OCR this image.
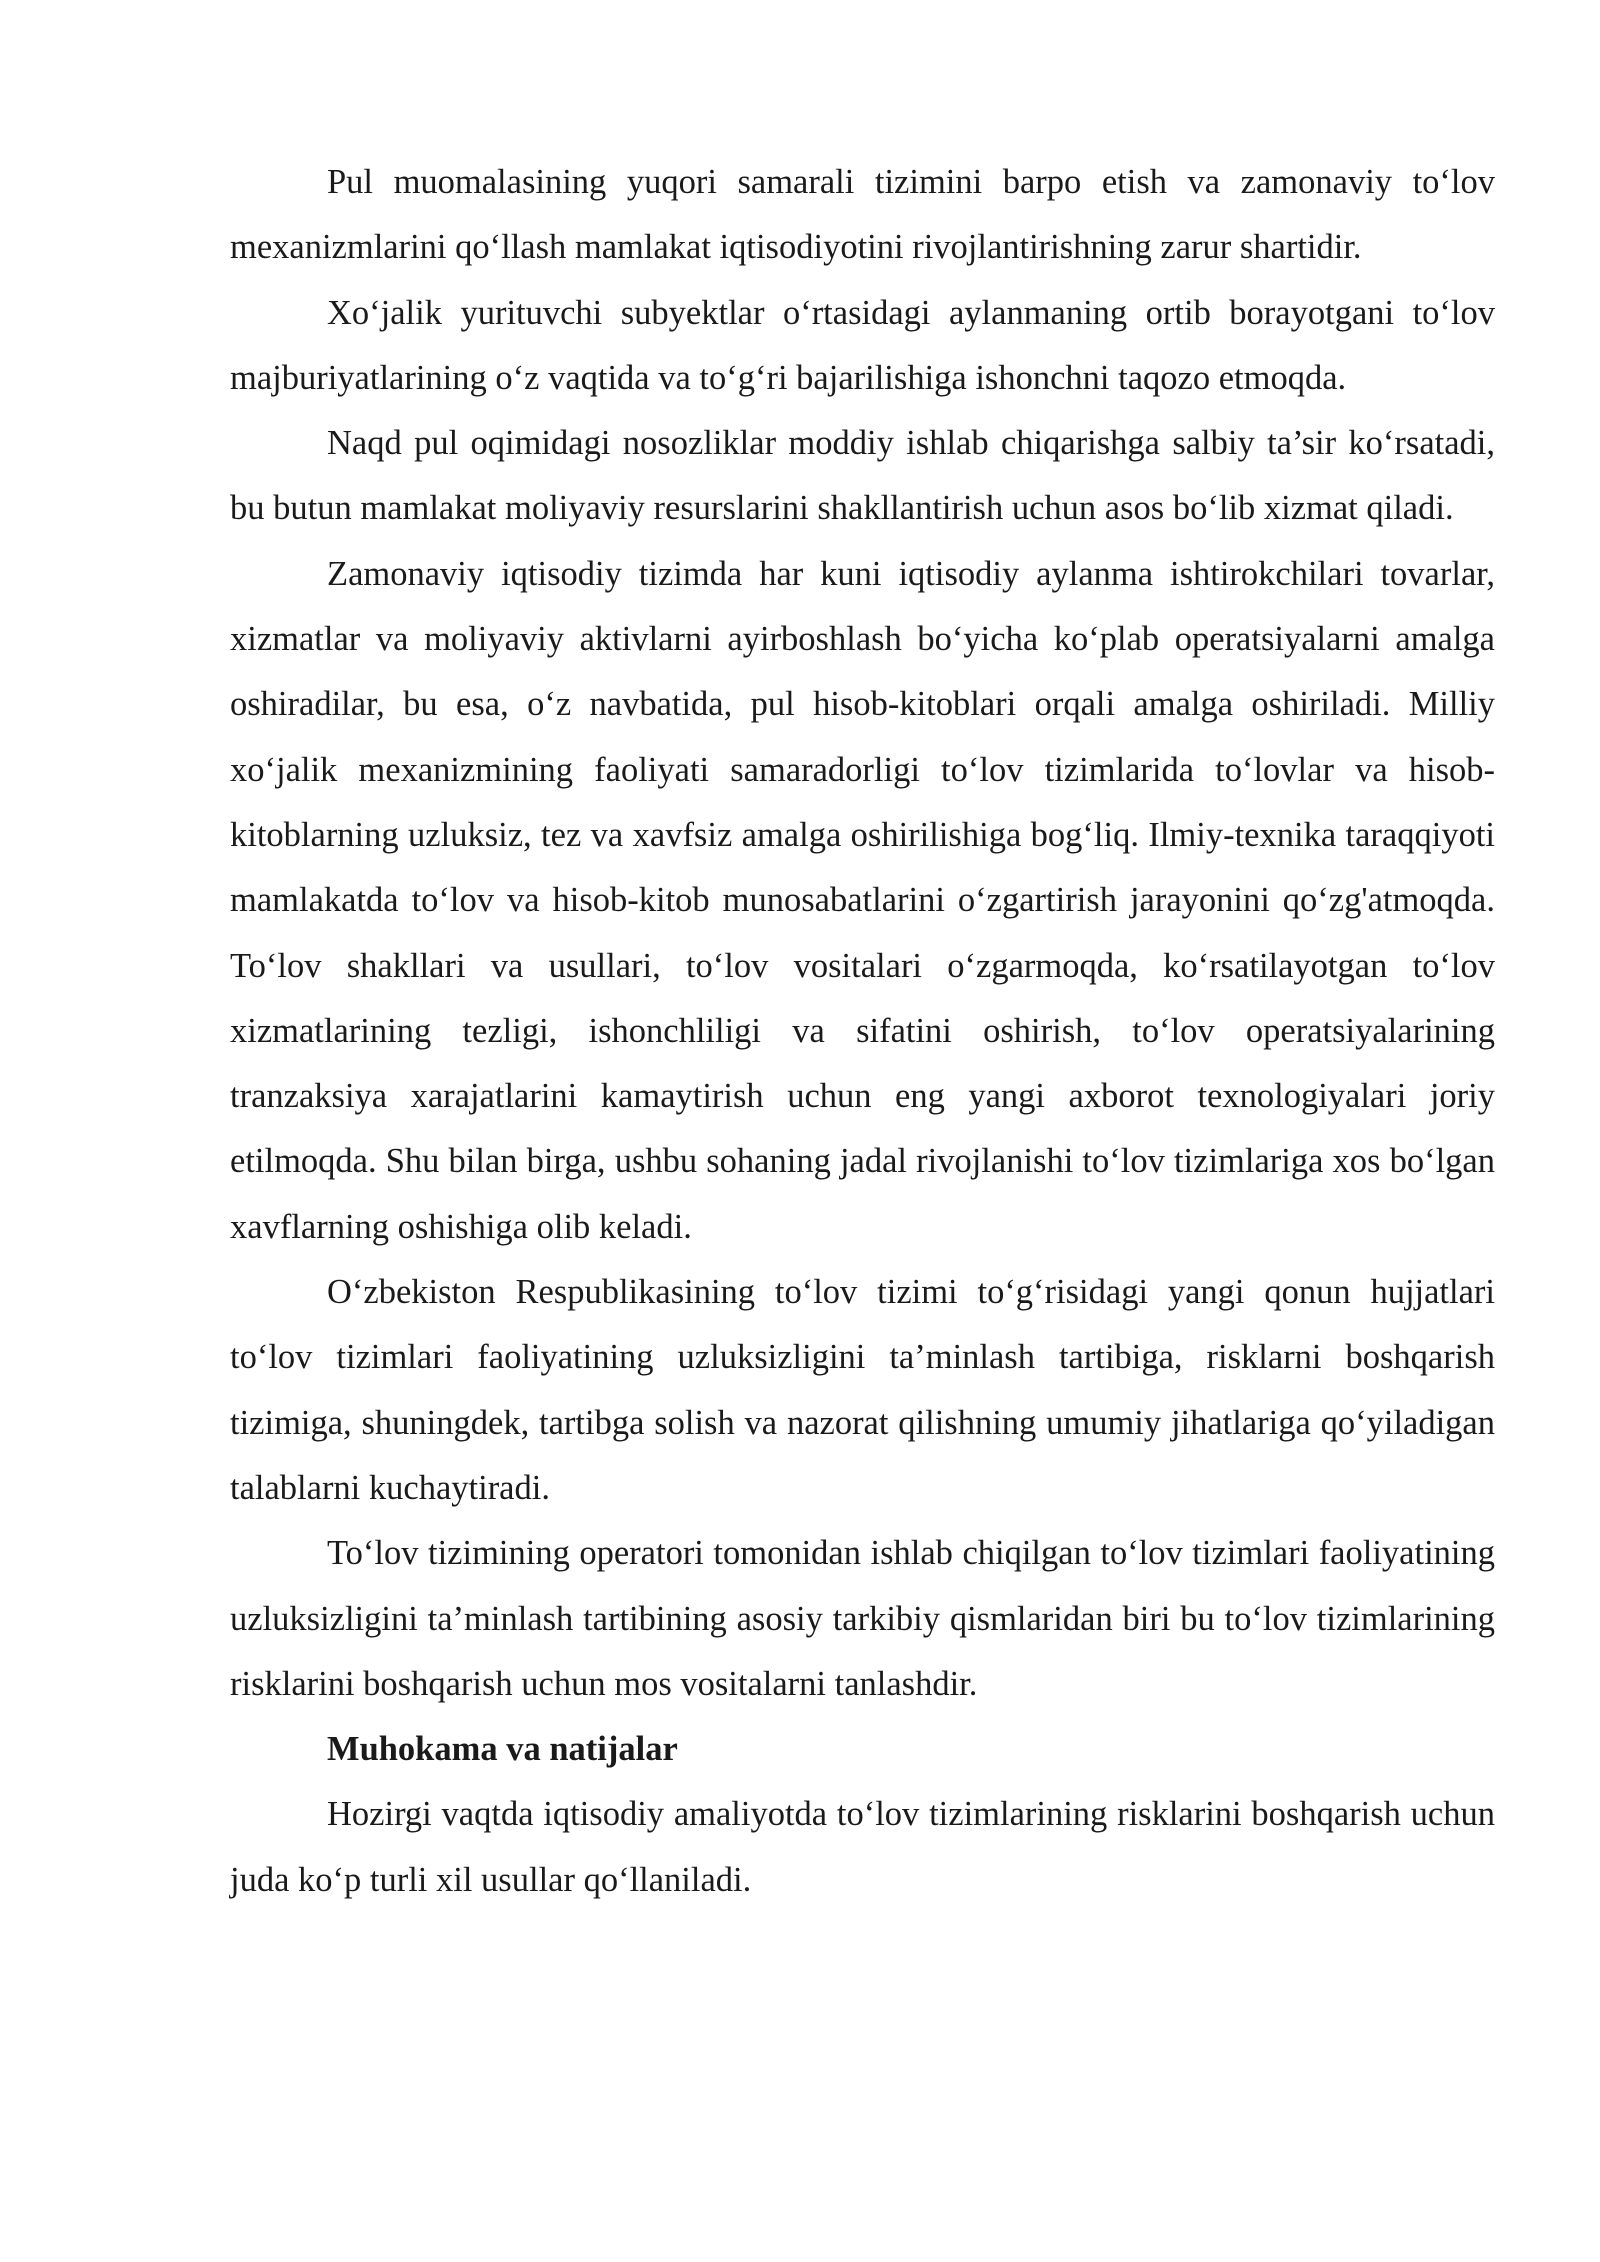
Pul muomalasining yuqori samarali tizimini barpo etish va zamonaviy to‘lov mexanizmlarini qo‘llash mamlakat iqtisodiyotini rivojlantirishning zarur shartidir.

Xo‘jalik yurituvchi subyektlar o‘rtasidagi aylanmaning ortib borayotgani to‘lov majburiyatlarining o‘z vaqtida va to‘g‘ri bajarilishiga ishonchni taqozo etmoqda.

Naqd pul oqimidagi nosozliklar moddiy ishlab chiqarishga salbiy ta’sir ko‘rsatadi, bu butun mamlakat moliyaviy resurslarini shakllantirish uchun asos bo‘lib xizmat qiladi.

Zamonaviy iqtisodiy tizimda har kuni iqtisodiy aylanma ishtirokchilari tovarlar, xizmatlar va moliyaviy aktivlarni ayirboshlash bo‘yicha ko‘plab operatsiyalarni amalga oshiradilar, bu esa, o‘z navbatida, pul hisob-kitoblari orqali amalga oshiriladi. Milliy xo‘jalik mexanizmining faoliyati samaradorligi to‘lov tizimlarida to‘lovlar va hisob-kitoblarning uzluksiz, tez va xavfsiz amalga oshirilishiga bog‘liq. Ilmiy-texnika taraqqiyoti mamlakatda to‘lov va hisob-kitob munosabatlarini o‘zgartirish jarayonini qo‘zg'atmoqda. To‘lov shakllari va usullari, to‘lov vositalari o‘zgarmoqda, ko‘rsatilayotgan to‘lov xizmatlarining tezligi, ishonchliligi va sifatini oshirish, to‘lov operatsiyalarining tranzaksiya xarajatlarini kamaytirish uchun eng yangi axborot texnologiyalari joriy etilmoqda. Shu bilan birga, ushbu sohaning jadal rivojlanishi to‘lov tizimlariga xos bo‘lgan xavflarning oshishiga olib keladi.

O‘zbekiston Respublikasining to‘lov tizimi to‘g‘risidagi yangi qonun hujjatlari to‘lov tizimlari faoliyatining uzluksizligini ta’minlash tartibiga, risklarni boshqarish tizimiga, shuningdek, tartibga solish va nazorat qilishning umumiy jihatlariga qo‘yiladigan talablarni kuchaytiradi.

To‘lov tizimining operatori tomonidan ishlab chiqilgan to‘lov tizimlari faoliyatining uzluksizligini ta’minlash tartibining asosiy tarkibiy qismlaridan biri bu to‘lov tizimlarining risklarini boshqarish uchun mos vositalarni tanlashdir.

Muhokama va natijalar

Hozirgi vaqtda iqtisodiy amaliyotda to‘lov tizimlarining risklarini boshqarish uchun juda ko‘p turli xil usullar qo‘llaniladi.
